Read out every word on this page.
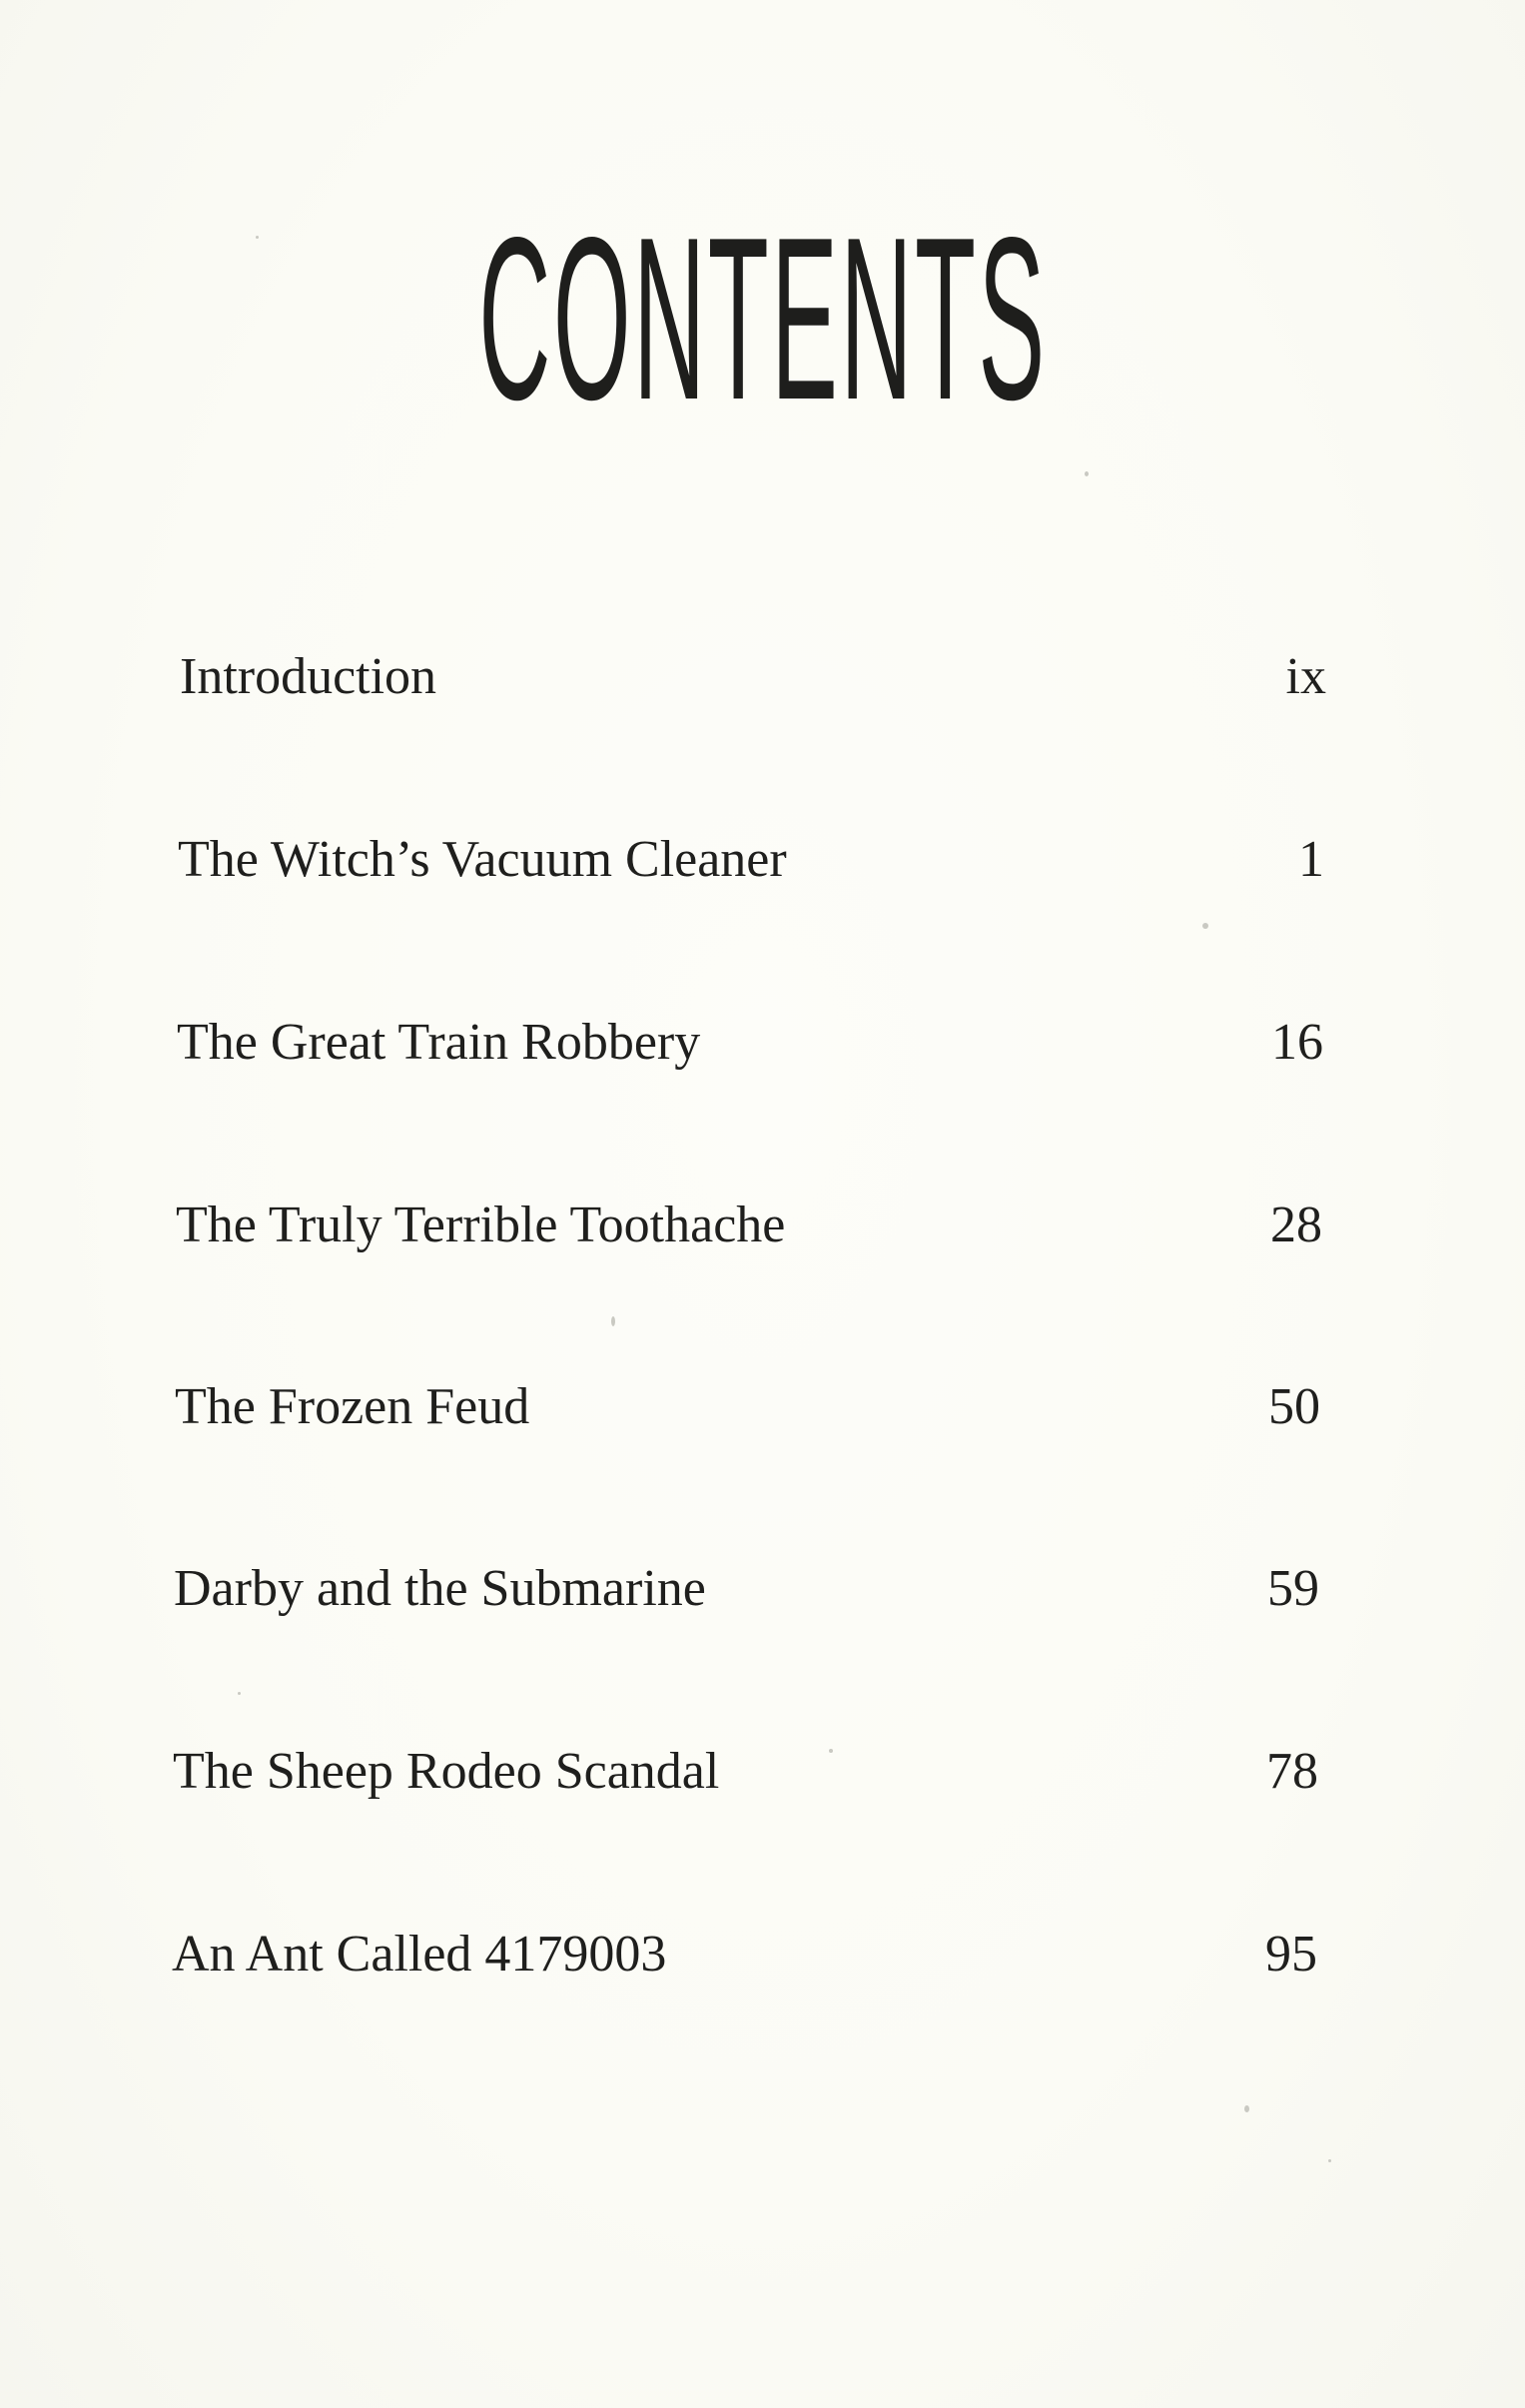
CONTENTS
Introduction	ix
The Witch’s Vacuum Cleaner	1
The Great Train Robbery	16
The Truly Terrible Toothache	28
The Frozen Feud	50
Darby and the Submarine	59
The Sheep Rodeo Scandal	78
An Ant Called 4179003	95
